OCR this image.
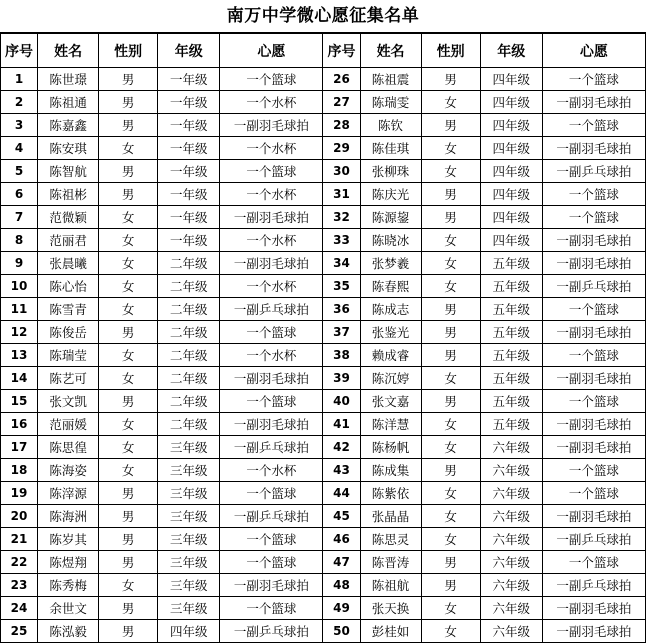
南万中学微心愿征集名单
序号	姓名	性别	年级	心愿	序号	姓名	性别	年级	心愿
1	陈世璟	男	一年级	一个篮球	26	陈祖震	男	四年级	一个篮球
2	陈祖通	男	一年级	一个水杯	27	陈瑞雯	女	四年级	一副羽毛球拍
3	陈嘉鑫	男	一年级	一副羽毛球拍	28	陈钦	男	四年级	一个篮球
4	陈安琪	女	一年级	一个水杯	29	陈佳琪	女	四年级	一副羽毛球拍
5	陈智航	男	一年级	一个篮球	30	张柳珠	女	四年级	一副乒乓球拍
6	陈祖彬	男	一年级	一个水杯	31	陈庆光	男	四年级	一个篮球
7	范微颖	女	一年级	一副羽毛球拍	32	陈源鋆	男	四年级	一个篮球
8	范丽君	女	一年级	一个水杯	33	陈晓冰	女	四年级	一副羽毛球拍
9	张晨曦	女	二年级	一副羽毛球拍	34	张梦羲	女	五年级	一副羽毛球拍
10	陈心怡	女	二年级	一个水杯	35	陈春熙	女	五年级	一副乒乓球拍
11	陈雪青	女	二年级	一副乒乓球拍	36	陈成志	男	五年级	一个篮球
12	陈俊岳	男	二年级	一个篮球	37	张鉴光	男	五年级	一副羽毛球拍
13	陈瑞莹	女	二年级	一个水杯	38	赖成睿	男	五年级	一个篮球
14	陈艺可	女	二年级	一副羽毛球拍	39	陈沉婷	女	五年级	一副羽毛球拍
15	张文凯	男	二年级	一个篮球	40	张文嘉	男	五年级	一个篮球
16	范丽媛	女	二年级	一副羽毛球拍	41	陈洋慧	女	五年级	一副羽毛球拍
17	陈思徨	女	三年级	一副乒乓球拍	42	陈杨帆	女	六年级	一副羽毛球拍
18	陈海姿	女	三年级	一个水杯	43	陈成集	男	六年级	一个篮球
19	陈滓源	男	三年级	一个篮球	44	陈紫依	女	六年级	一个篮球
20	陈海洲	男	三年级	一副乒乓球拍	45	张晶晶	女	六年级	一副羽毛球拍
21	陈岁其	男	三年级	一个篮球	46	陈思灵	女	六年级	一副乒乓球拍
22	陈煜翔	男	三年级	一个篮球	47	陈晋涛	男	六年级	一个篮球
23	陈秀梅	女	三年级	一副羽毛球拍	48	陈祖航	男	六年级	一副乒乓球拍
24	余世文	男	三年级	一个篮球	49	张天换	女	六年级	一副羽毛球拍
25	陈泓毅	男	四年级	一副乒乓球拍	50	彭桂如	女	六年级	一副羽毛球拍
